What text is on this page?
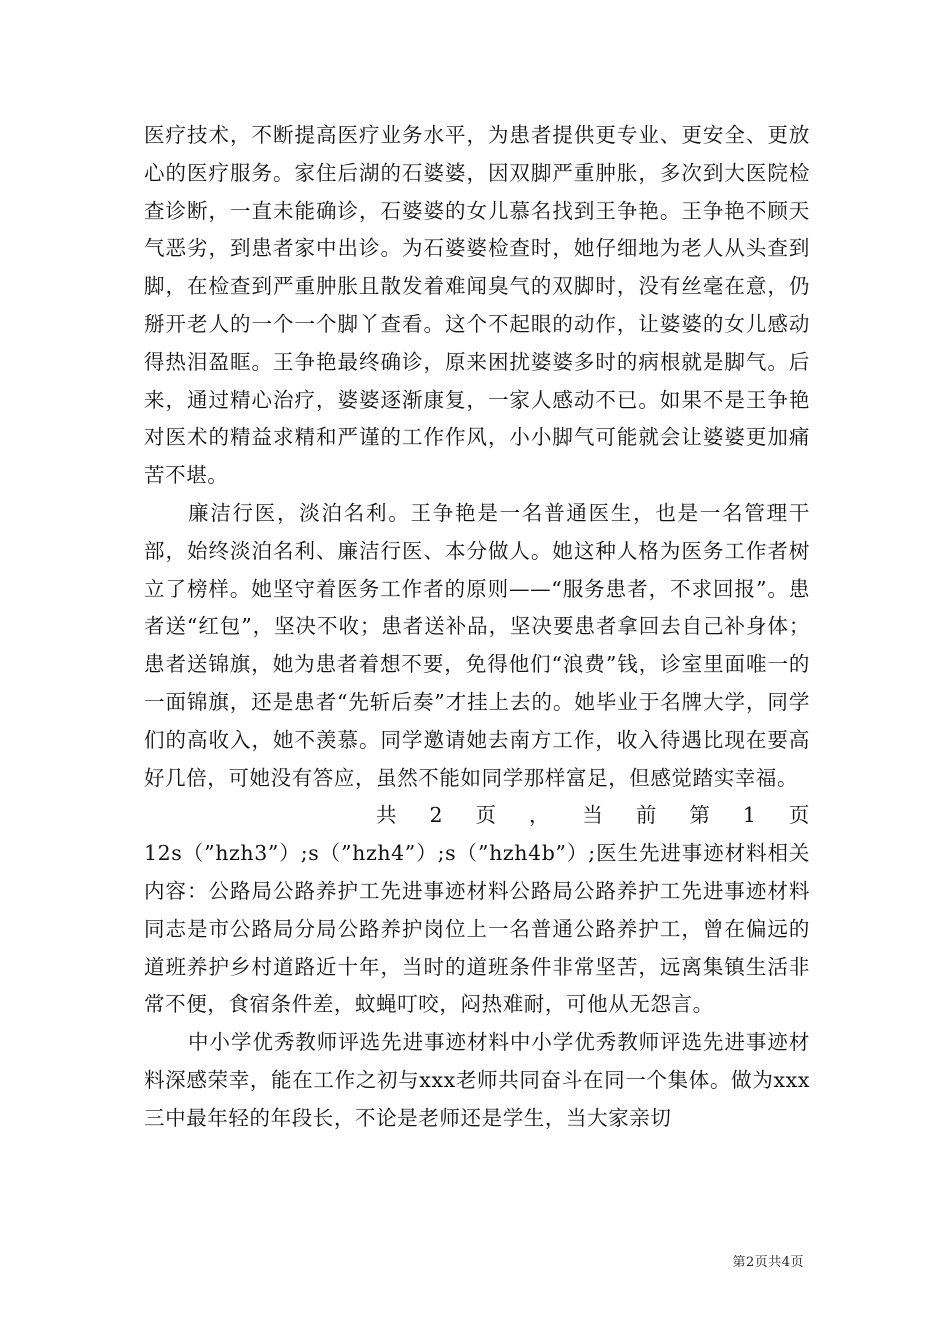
医疗技术，不断提高医疗业务水平，为患者提供更专业、更安全、更放心的医疗服务。家住后湖的石婆婆，因双脚严重肿胀，多次到大医院检查诊断，一直未能确诊，石婆婆的女儿慕名找到王争艳。王争艳不顾天气恶劣，到患者家中出诊。为石婆婆检查时，她仔细地为老人从头查到脚，在检查到严重肿胀且散发着难闻臭气的双脚时，没有丝毫在意，仍掰开老人的一个一个脚丫查看。这个不起眼的动作，让婆婆的女儿感动得热泪盈眶。王争艳最终确诊，原来困扰婆婆多时的病根就是脚气。后来，通过精心治疗，婆婆逐渐康复，一家人感动不已。如果不是王争艳对医术的精益求精和严谨的工作作风，小小脚气可能就会让婆婆更加痛苦不堪。

廉洁行医，淡泊名利。王争艳是一名普通医生，也是一名管理干部，始终淡泊名利、廉洁行医、本分做人。她这种人格为医务工作者树立了榜样。她坚守着医务工作者的原则——“服务患者，不求回报”。患者送“红包”，坚决不收；患者送补品，坚决要患者拿回去自己补身体；患者送锦旗，她为患者着想不要，免得他们“浪费”钱，诊室里面唯一的一面锦旗，还是患者“先斩后奏”才挂上去的。她毕业于名牌大学，同学们的高收入，她不羡慕。同学邀请她去南方工作，收入待遇比现在要高好几倍，可她没有答应，虽然不能如同学那样富足，但感觉踏实幸福。

共 2 页 ， 当 前 第 1 页

12s（”hzh3”）;s（”hzh4”）;s（”hzh4b”）;医生先进事迹材料相关内容：公路局公路养护工先进事迹材料公路局公路养护工先进事迹材料同志是市公路局分局公路养护岗位上一名普通公路养护工，曾在偏远的道班养护乡村道路近十年，当时的道班条件非常坚苦，远离集镇生活非常不便，食宿条件差，蚊蝇叮咬，闷热难耐，可他从无怨言。

中小学优秀教师评选先进事迹材料中小学优秀教师评选先进事迹材料深感荣幸，能在工作之初与xxx老师共同奋斗在同一个集体。做为xxx三中最年轻的年段长，不论是老师还是学生，当大家亲切

第2页共4页
